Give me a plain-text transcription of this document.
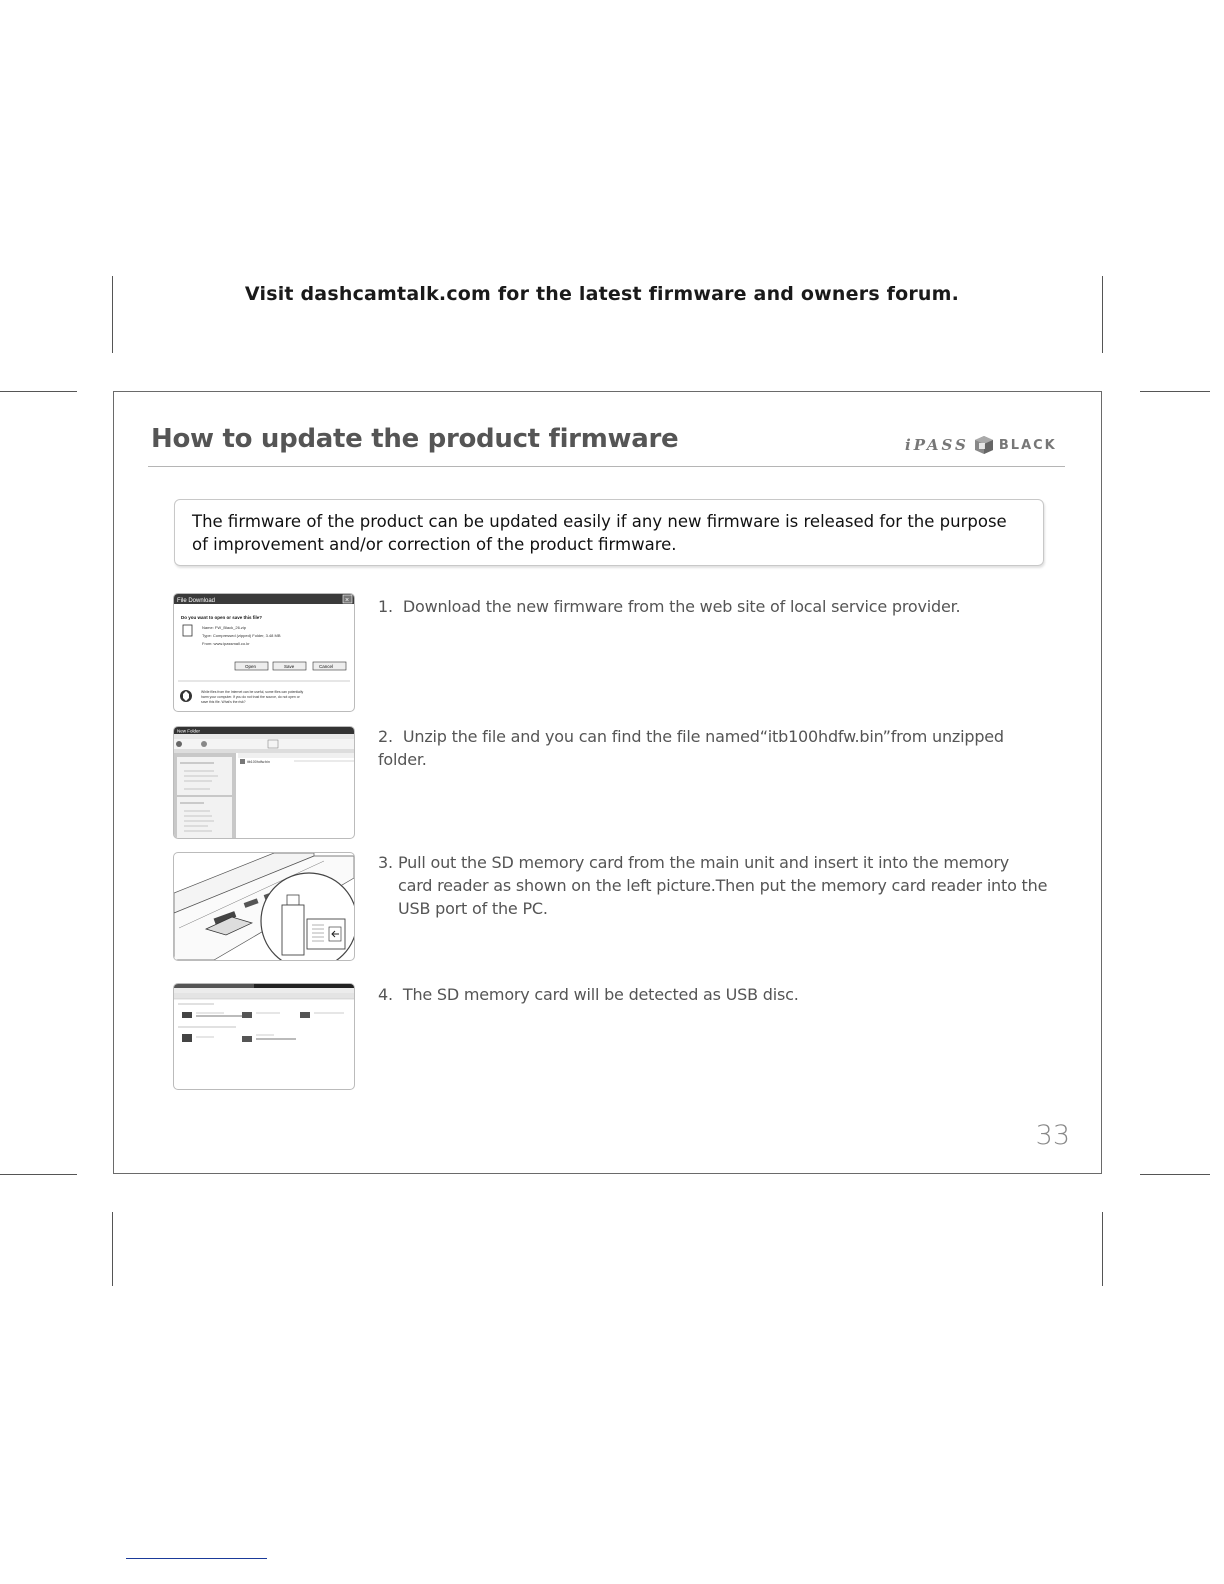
Visit dashcamtalk.com for the latest firmware and owners forum.
How to update the product firmware	iPASS BLACK
The firmware of the product can be updated easily if any new firmware is released for the purpose of improvement and/or correction of the product firmware.
File Download	×
Do you want to open or save this file?
Name: FW_Black_26.zip
Type: Compressed (zipped) Folder, 3.48 MB
From: www.ipassmall.co.kr
Open	Save	Cancel
While files from the Internet can be useful, some files can potentially
harm your computer. If you do not trust the source, do not open or
save this file. What's the risk?
1. Download the new firmware from the web site of local service provider.
New Folder
itb100hdfw.bin
2. Unzip the file and you can find the file named“itb100hdfw.bin”from unzipped folder.
3. Pull out the SD memory card from the main unit and insert it into the memory card reader as shown on the left picture.Then put the memory card reader into the USB port of the PC.
4. The SD memory card will be detected as USB disc.
33
